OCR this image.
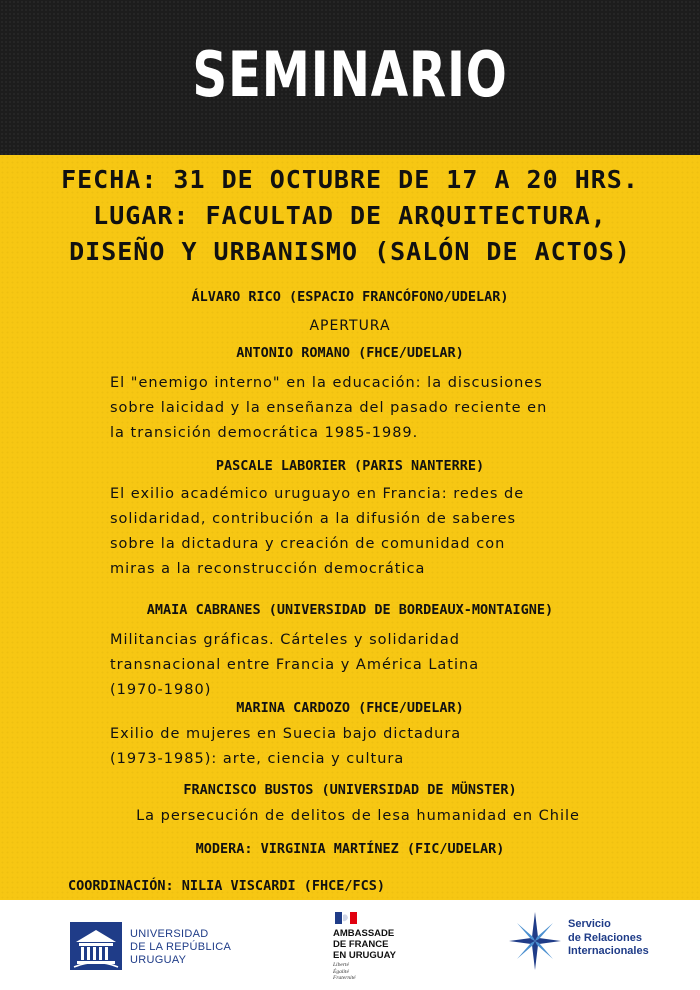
SEMINARIO
FECHA: 31 DE OCTUBRE DE 17 A 20 HRS.
LUGAR: FACULTAD DE ARQUITECTURA,
DISEÑO Y URBANISMO (SALÓN DE ACTOS)
ÁLVARO RICO (ESPACIO FRANCÓFONO/UDELAR)
APERTURA
ANTONIO ROMANO (FHCE/UDELAR)
El "enemigo interno" en la educación: la discusiones
sobre laicidad y la enseñanza del pasado reciente en
la transición democrática 1985-1989.
PASCALE LABORIER (PARIS NANTERRE)
El exilio académico uruguayo en Francia: redes de
solidaridad, contribución a la difusión de saberes
sobre la dictadura y creación de comunidad con
miras a la reconstrucción democrática
AMAIA CABRANES (UNIVERSIDAD DE BORDEAUX-MONTAIGNE)
Militancias gráficas. Cárteles y solidaridad
transnacional entre Francia y América Latina
(1970-1980)
MARINA CARDOZO (FHCE/UDELAR)
Exilio de mujeres en Suecia bajo dictadura
(1973-1985): arte, ciencia y cultura
FRANCISCO BUSTOS (UNIVERSIDAD DE MÜNSTER)
La persecución de delitos de lesa humanidad en Chile
MODERA: VIRGINIA MARTÍNEZ (FIC/UDELAR)
COORDINACIÓN: NILIA VISCARDI (FHCE/FCS)
UNIVERSIDAD
DE LA REPÚBLICA
URUGUAY
AMBASSADE
DE FRANCE
EN URUGUAY
Liberté
Égalité
Fraternité
Servicio
de Relaciones
Internacionales
